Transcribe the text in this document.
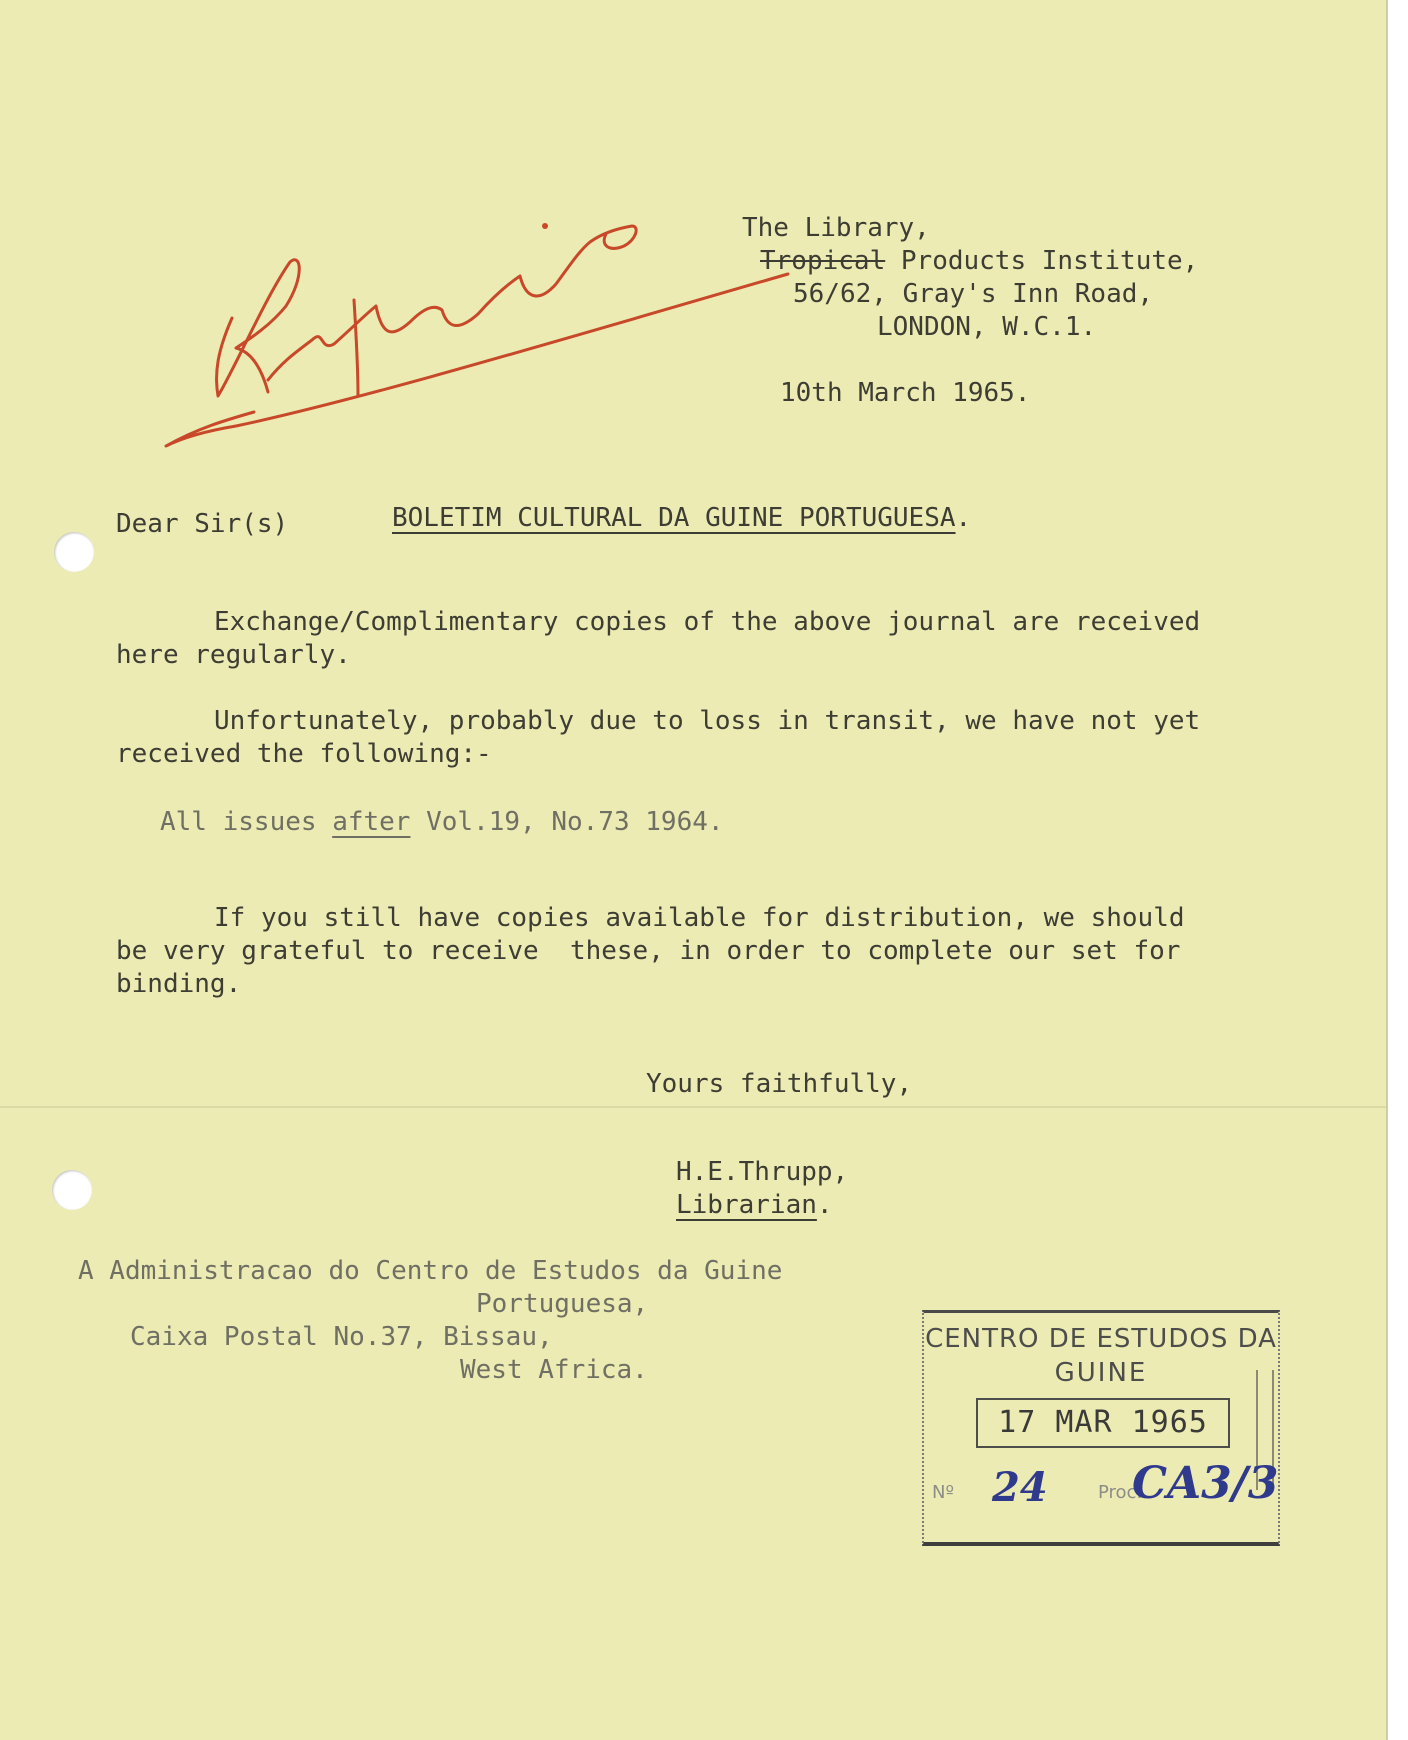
The Library,
Tropical Products Institute,
56/62, Gray's Inn Road,
LONDON, W.C.1.
10th March 1965.
Dear Sir(s)	BOLETIM CULTURAL DA GUINE PORTUGUESA.
Exchange/Complimentary copies of the above journal are received
here regularly.
Unfortunately, probably due to loss in transit, we have not yet
received the following:-
All issues after Vol.19, No.73 1964.
If you still have copies available for distribution, we should
be very grateful to receive  these, in order to complete our set for
binding.
Yours faithfully,
H.E.Thrupp,
Librarian.
A Administracao do Centro de Estudos da Guine
Portuguesa,
Caixa Postal No.37, Bissau,
West Africa.
CENTRO DE ESTUDOS DA
GUINE
17 MAR 1965
Nº 24	Proc.
CA3/3
